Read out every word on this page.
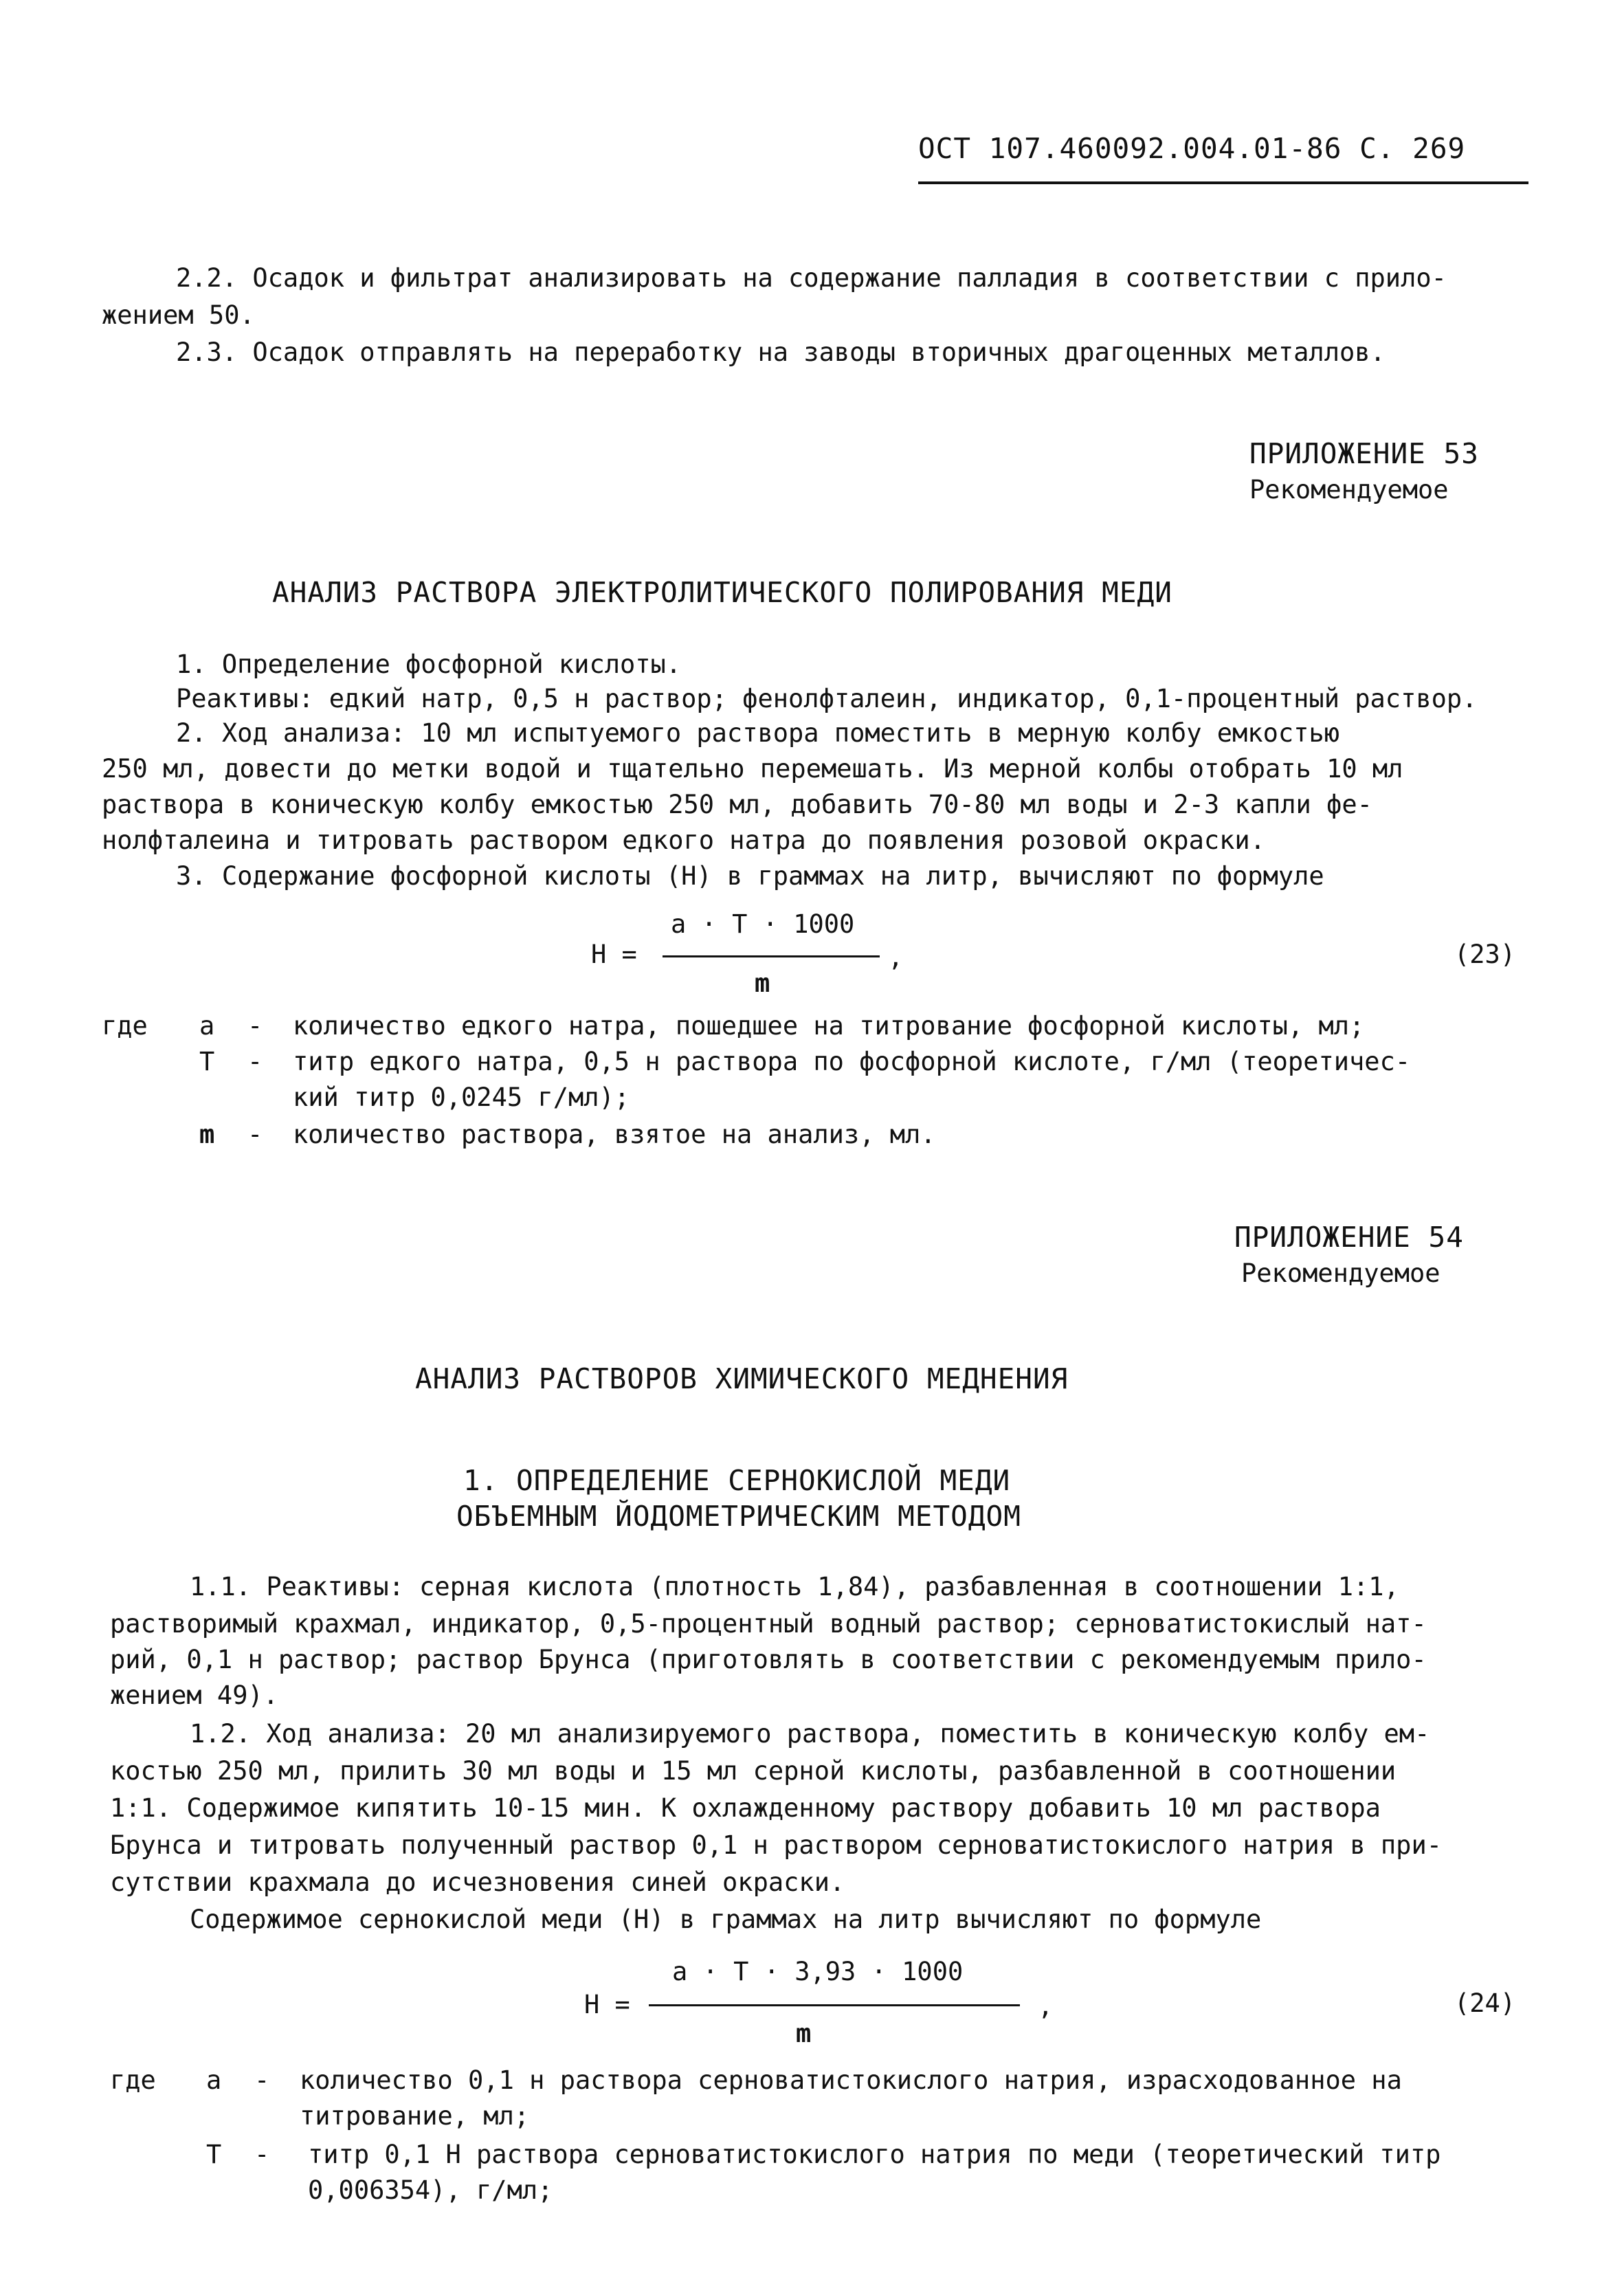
ОСТ 107.460092.004.01-86 С. 269
2.2. Осадок и фильтрат анализировать на содержание палладия в соответствии с прило-
жением 50.
2.3. Осадок отправлять на переработку на заводы вторичных драгоценных металлов.
ПРИЛОЖЕНИЕ 53
Рекомендуемое
АНАЛИЗ РАСТВОРА ЭЛЕКТРОЛИТИЧЕСКОГО ПОЛИРОВАНИЯ МЕДИ
1. Определение фосфорной кислоты.
Реактивы: едкий натр, 0,5 н раствор; фенолфталеин, индикатор, 0,1-процентный раствор.
2. Ход анализа: 10 мл испытуемого раствора поместить в мерную колбу емкостью
250 мл, довести до метки водой и тщательно перемешать. Из мерной колбы отобрать 10 мл
раствора в коническую колбу емкостью 250 мл, добавить 70-80 мл воды и 2-3 капли фе-
нолфталеина и титровать раствором едкого натра до появления розовой окраски.
3. Содержание фосфорной кислоты (Н) в граммах на литр, вычисляют по формуле
a · Т · 1000
Н =	,
m
(23)
где a - количество едкого натра, пошедшее на титрование фосфорной кислоты, мл;
Т - титр едкого натра, 0,5 н раствора по фосфорной кислоте, г/мл (теоретичес-
кий титр 0,0245 г/мл);
m - количество раствора, взятое на анализ, мл.
ПРИЛОЖЕНИЕ 54
Рекомендуемое
АНАЛИЗ РАСТВОРОВ ХИМИЧЕСКОГО МЕДНЕНИЯ
1. ОПРЕДЕЛЕНИЕ СЕРНОКИСЛОЙ МЕДИ
ОБЪЕМНЫМ ЙОДОМЕТРИЧЕСКИМ МЕТОДОМ
1.1. Реактивы: серная кислота (плотность 1,84), разбавленная в соотношении 1:1,
растворимый крахмал, индикатор, 0,5-процентный водный раствор; серноватистокислый нат-
рий, 0,1 н раствор; раствор Брунса (приготовлять в соответствии с рекомендуемым прило-
жением 49).
1.2. Ход анализа: 20 мл анализируемого раствора, поместить в коническую колбу ем-
костью 250 мл, прилить 30 мл воды и 15 мл серной кислоты, разбавленной в соотношении
1:1. Содержимое кипятить 10-15 мин. К охлажденному раствору добавить 10 мл раствора
Брунса и титровать полученный раствор 0,1 н раствором серноватистокислого натрия в при-
сутствии крахмала до исчезновения синей окраски.
Содержимое сернокислой меди (Н) в граммах на литр вычисляют по формуле
a · Т · 3,93 · 1000
Н =	,
m
(24)
где a - количество 0,1 н раствора серноватистокислого натрия, израсходованное на
титрование, мл;
Т - титр 0,1 Н раствора серноватистокислого натрия по меди (теоретический титр
0,006354), г/мл;
